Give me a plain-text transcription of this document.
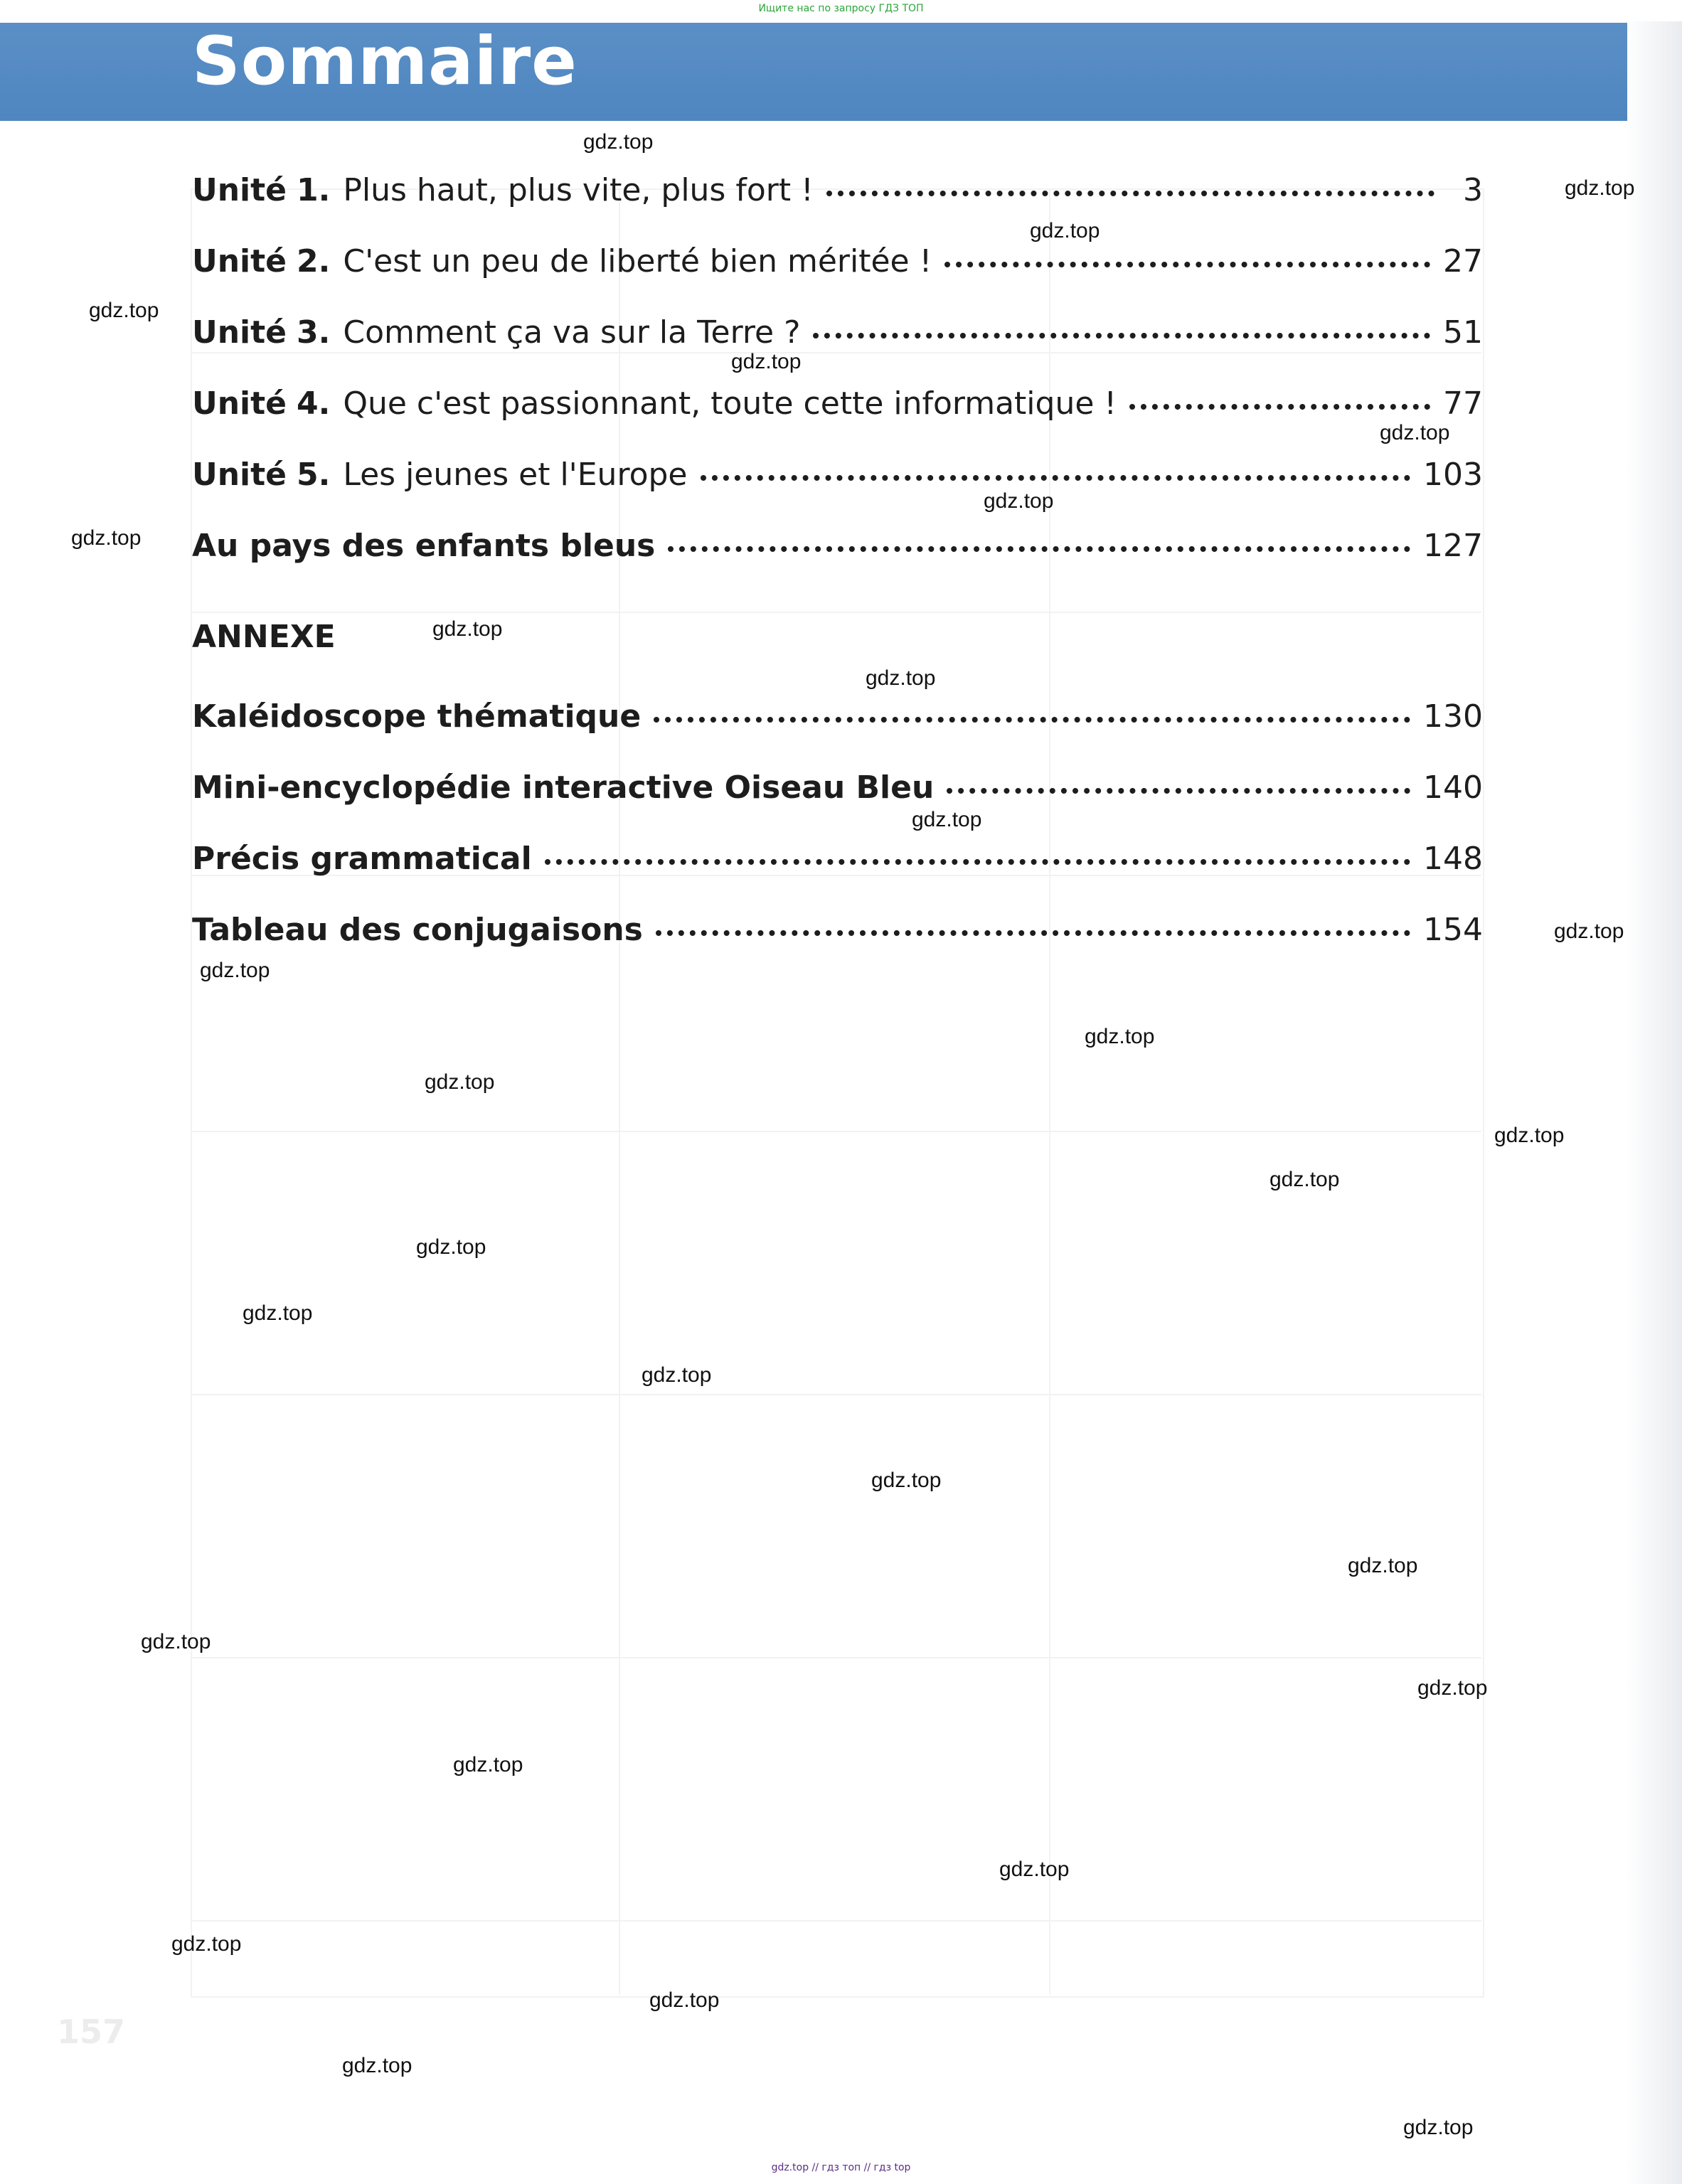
Ищите нас по запросу ГДЗ ТОП
Sommaire
157
Unité 1. Plus haut, plus vite, plus fort !	3
Unité 2. C'est un peu de liberté bien méritée !	27
Unité 3. Comment ça va sur la Terre ?	51
Unité 4. Que c'est passionnant, toute cette informatique !	77
Unité 5. Les jeunes et l'Europe	103
Au pays des enfants bleus	127
ANNEXE
Kaléidoscope thématique	130
Mini-encyclopédie interactive Oiseau Bleu	140
Précis grammatical	148
Tableau des conjugaisons	154
gdz.top
gdz.top
gdz.top
gdz.top
gdz.top
gdz.top
gdz.top
gdz.top
gdz.top
gdz.top
gdz.top
gdz.top
gdz.top
gdz.top
gdz.top
gdz.top
gdz.top
gdz.top
gdz.top
gdz.top
gdz.top
gdz.top
gdz.top
gdz.top
gdz.top
gdz.top
gdz.top
gdz.top
gdz.top
gdz.top
gdz.top // гдз топ // гдз top
